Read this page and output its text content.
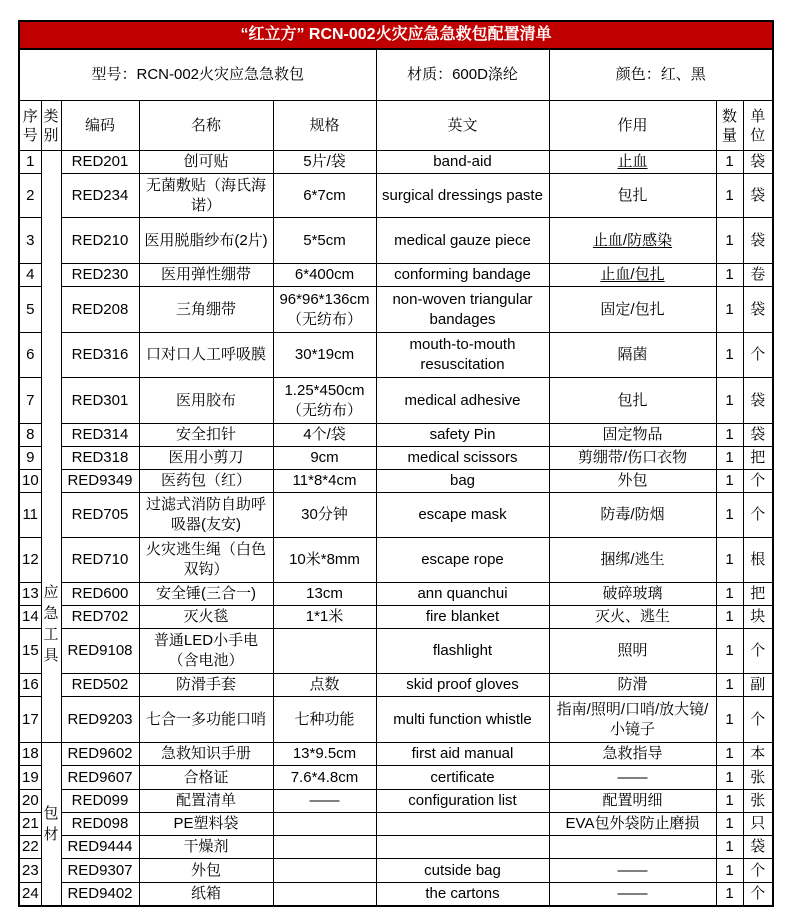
“红立方” RCN-002火灾应急急救包配置清单								
型号：RCN-002火灾应急急救包					材质：600D涤纶	颜色：红、黑		
序号	类别	编码	名称	规格	英文	作用	数量	单位
1	应急工具	RED201	创可贴	5片/袋	band-aid	止血	1	袋
2		RED234	无菌敷贴（海氏海诺）	6*7cm	surgical dressings paste	包扎	1	袋
3		RED210	医用脱脂纱布(2片)	5*5cm	medical gauze piece	止血/防感染	1	袋
4		RED230	医用弹性绷带	6*400cm	conforming bandage	止血/包扎	1	卷
5		RED208	三角绷带	96*96*136cm（无纺布）	non-woven triangular bandages	固定/包扎	1	袋
6		RED316	口对口人工呼吸膜	30*19cm	mouth-to-mouth resuscitation	隔菌	1	个
7		RED301	医用胶布	1.25*450cm（无纺布）	medical adhesive	包扎	1	袋
8		RED314	安全扣针	4个/袋	safety Pin	固定物品	1	袋
9		RED318	医用小剪刀	9cm	medical scissors	剪绷带/伤口衣物	1	把
10		RED9349	医药包（红）	11*8*4cm	bag	外包	1	个
11		RED705	过滤式消防自助呼吸器(友安)	30分钟	escape mask	防毒/防烟	1	个
12		RED710	火灾逃生绳（白色双钩）	10米*8mm	escape rope	捆绑/逃生	1	根
13		RED600	安全锤(三合一)	13cm	ann quanchui	破碎玻璃	1	把
14		RED702	灭火毯	1*1米	fire blanket	灭火、逃生	1	块
15		RED9108	普通LED小手电（含电池）		flashlight	照明	1	个
16		RED502	防滑手套	点数	skid proof gloves	防滑	1	副
17		RED9203	七合一多功能口哨	七种功能	multi function whistle	指南/照明/口哨/放大镜/小镜子	1	个
18	包材	RED9602	急救知识手册	13*9.5cm	first aid manual	急救指导	1	本
19		RED9607	合格证	7.6*4.8cm	certificate	——	1	张
20		RED099	配置清单	——	configuration list	配置明细	1	张
21		RED098	PE塑料袋			EVA包外袋防止磨损	1	只
22		RED9444	干燥剂				1	袋
23		RED9307	外包		cutside bag	——	1	个
24		RED9402	纸箱		the cartons	——	1	个
